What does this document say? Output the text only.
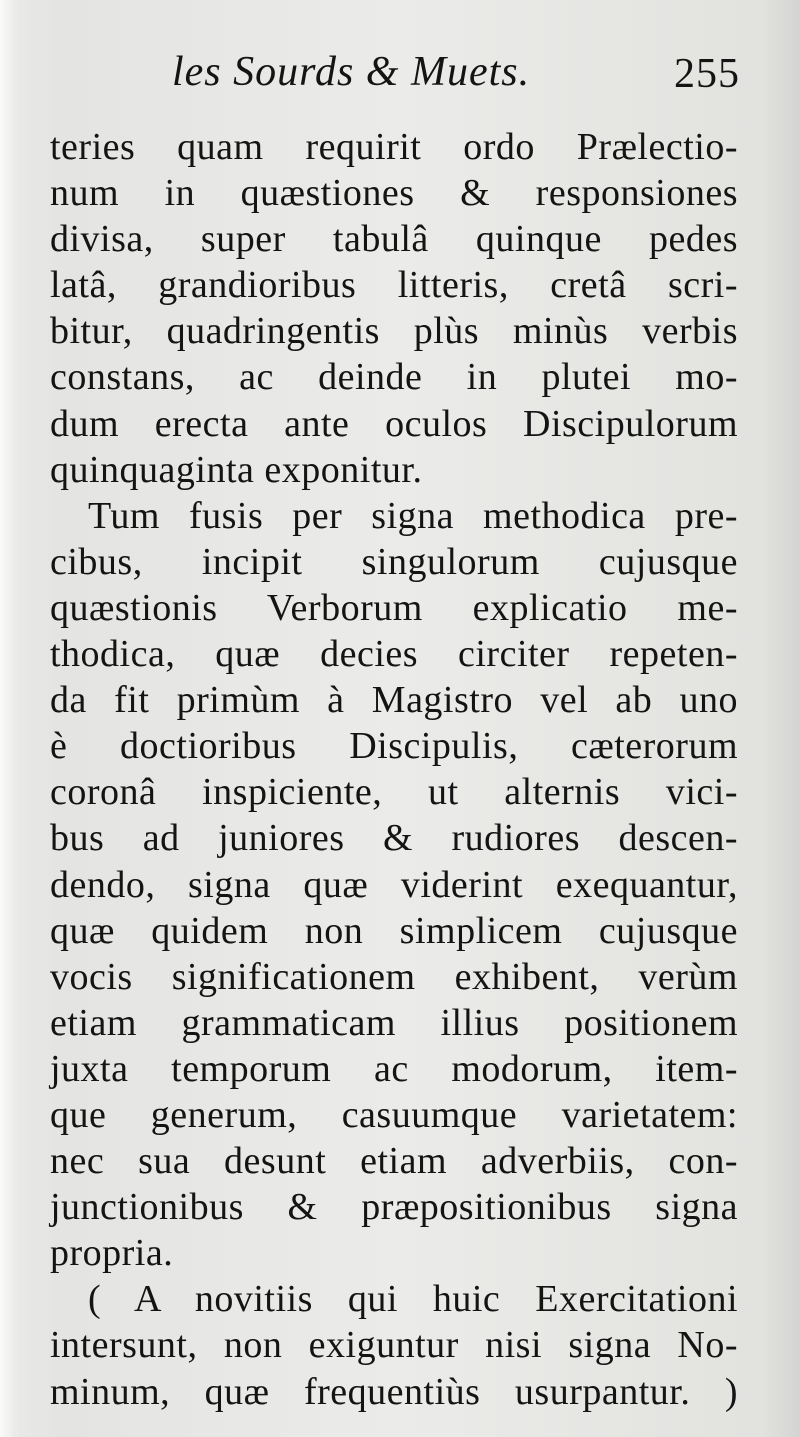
les Sourds & Muets.	255
teries quam requirit ordo Prælectio-
num in quæstiones & responsiones
divisa, super tabulâ quinque pedes
latâ, grandioribus litteris, cretâ scri-
bitur, quadringentis plùs minùs verbis
constans, ac deinde in plutei mo-
dum erecta ante oculos Discipulorum
quinquaginta exponitur.
Tum fusis per signa methodica pre-
cibus, incipit singulorum cujusque
quæstionis Verborum explicatio me-
thodica, quæ decies circiter repeten-
da fit primùm à Magistro vel ab uno
è doctioribus Discipulis, cæterorum
coronâ inspiciente, ut alternis vici-
bus ad juniores & rudiores descen-
dendo, signa quæ viderint exequantur,
quæ quidem non simplicem cujusque
vocis significationem exhibent, verùm
etiam grammaticam illius positionem
juxta temporum ac modorum, item-
que generum, casuumque varietatem:
nec sua desunt etiam adverbiis, con-
junctionibus & præpositionibus signa
propria.
( A novitiis qui huic Exercitationi
intersunt, non exiguntur nisi signa No-
minum, quæ frequentiùs usurpantur. )
